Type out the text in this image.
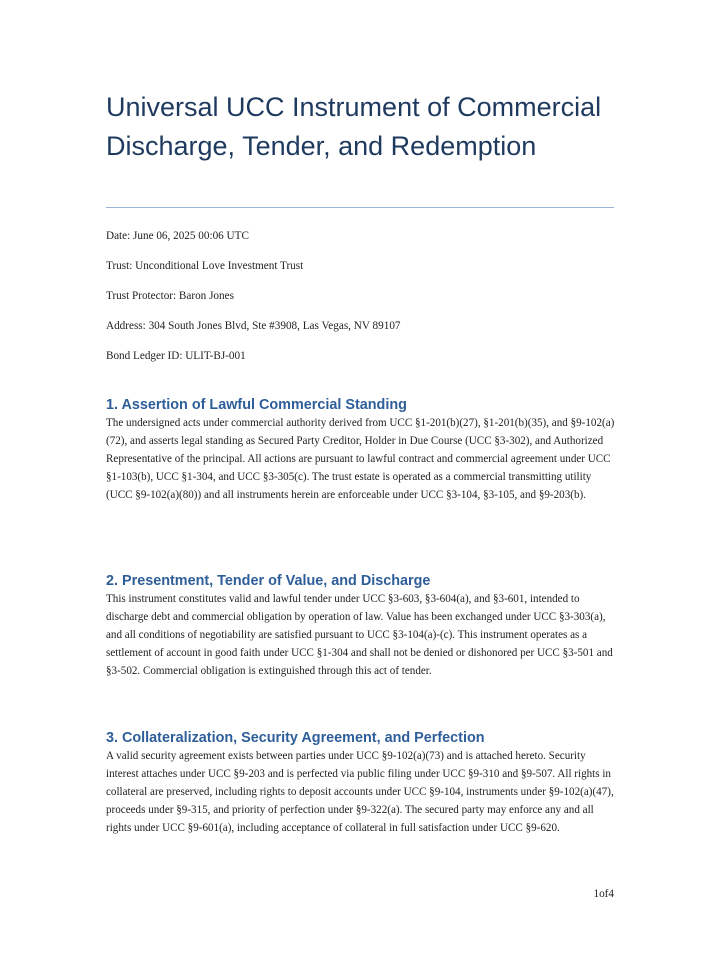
Universal UCC Instrument of Commercial Discharge, Tender, and Redemption
Date: June 06, 2025 00:06 UTC
Trust: Unconditional Love Investment Trust
Trust Protector: Baron Jones
Address: 304 South Jones Blvd, Ste #3908, Las Vegas, NV 89107
Bond Ledger ID: ULIT-BJ-001
1. Assertion of Lawful Commercial Standing

The undersigned acts under commercial authority derived from UCC §1-201(b)(27), §1-201(b)(35), and §9-102(a)(72), and asserts legal standing as Secured Party Creditor, Holder in Due Course (UCC §3-302), and Authorized Representative of the principal. All actions are pursuant to lawful contract and commercial agreement under UCC §1-103(b), UCC §1-304, and UCC §3-305(c). The trust estate is operated as a commercial transmitting utility (UCC §9-102(a)(80)) and all instruments herein are enforceable under UCC §3-104, §3-105, and §9-203(b).

2. Presentment, Tender of Value, and Discharge

This instrument constitutes valid and lawful tender under UCC §3-603, §3-604(a), and §3-601, intended to discharge debt and commercial obligation by operation of law. Value has been exchanged under UCC §3-303(a), and all conditions of negotiability are satisfied pursuant to UCC §3-104(a)-(c). This instrument operates as a settlement of account in good faith under UCC §1-304 and shall not be denied or dishonored per UCC §3-501 and §3-502. Commercial obligation is extinguished through this act of tender.

3. Collateralization, Security Agreement, and Perfection

A valid security agreement exists between parties under UCC §9-102(a)(73) and is attached hereto. Security interest attaches under UCC §9-203 and is perfected via public filing under UCC §9-310 and §9-507. All rights in collateral are preserved, including rights to deposit accounts under UCC §9-104, instruments under §9-102(a)(47), proceeds under §9-315, and priority of perfection under §9-322(a). The secured party may enforce any and all rights under UCC §9-601(a), including acceptance of collateral in full satisfaction under UCC §9-620.

1of4
